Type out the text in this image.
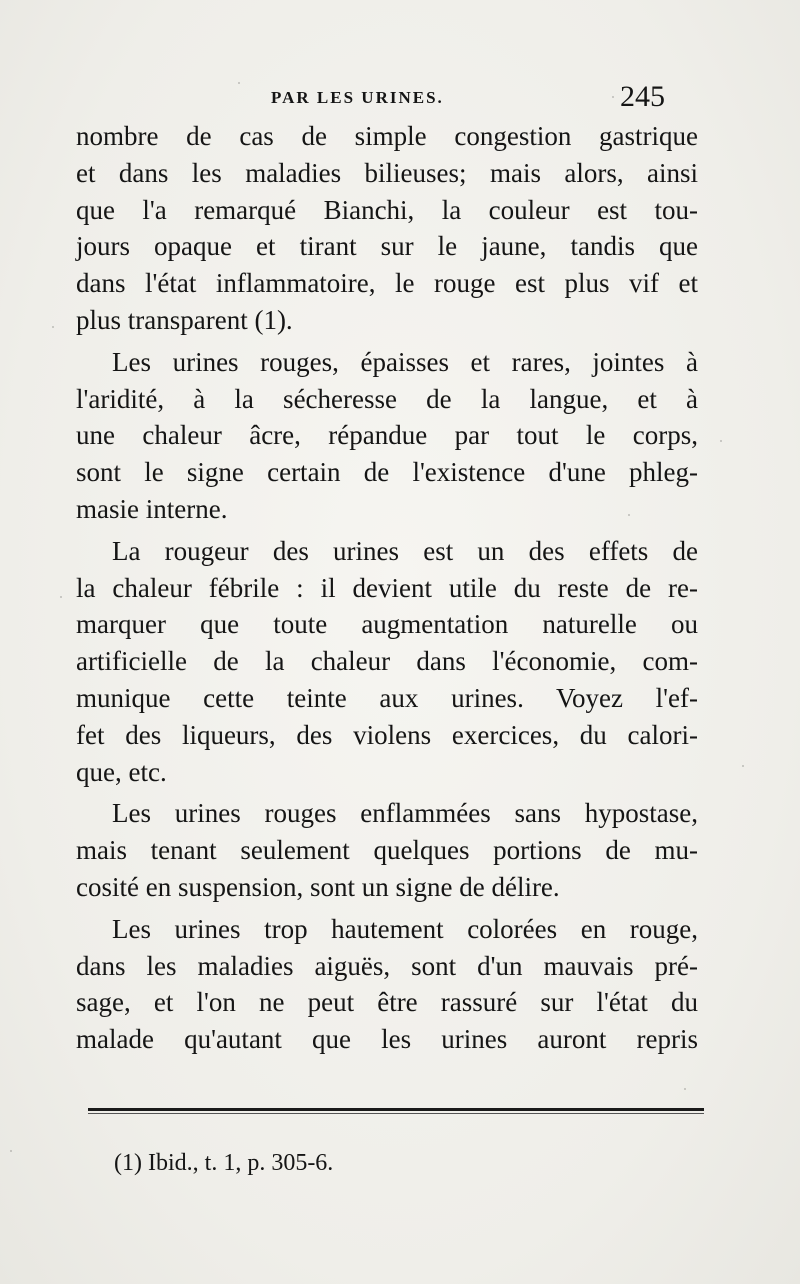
PAR LES URINES.	245
nombre de cas de simple congestion gastrique
et dans les maladies bilieuses; mais alors, ainsi
que l'a remarqué Bianchi, la couleur est tou-
jours opaque et tirant sur le jaune, tandis que
dans l'état inflammatoire, le rouge est plus vif et
plus transparent (1).
Les urines rouges, épaisses et rares, jointes à
l'aridité, à la sécheresse de la langue, et à
une chaleur âcre, répandue par tout le corps,
sont le signe certain de l'existence d'une phleg-
masie interne.
La rougeur des urines est un des effets de
la chaleur fébrile : il devient utile du reste de re-
marquer que toute augmentation naturelle ou
artificielle de la chaleur dans l'économie, com-
munique cette teinte aux urines. Voyez l'ef-
fet des liqueurs, des violens exercices, du calori-
que, etc.
Les urines rouges enflammées sans hypostase,
mais tenant seulement quelques portions de mu-
cosité en suspension, sont un signe de délire.
Les urines trop hautement colorées en rouge,
dans les maladies aiguës, sont d'un mauvais pré-
sage, et l'on ne peut être rassuré sur l'état du
malade qu'autant que les urines auront repris
(1) Ibid., t. 1, p. 305-6.
